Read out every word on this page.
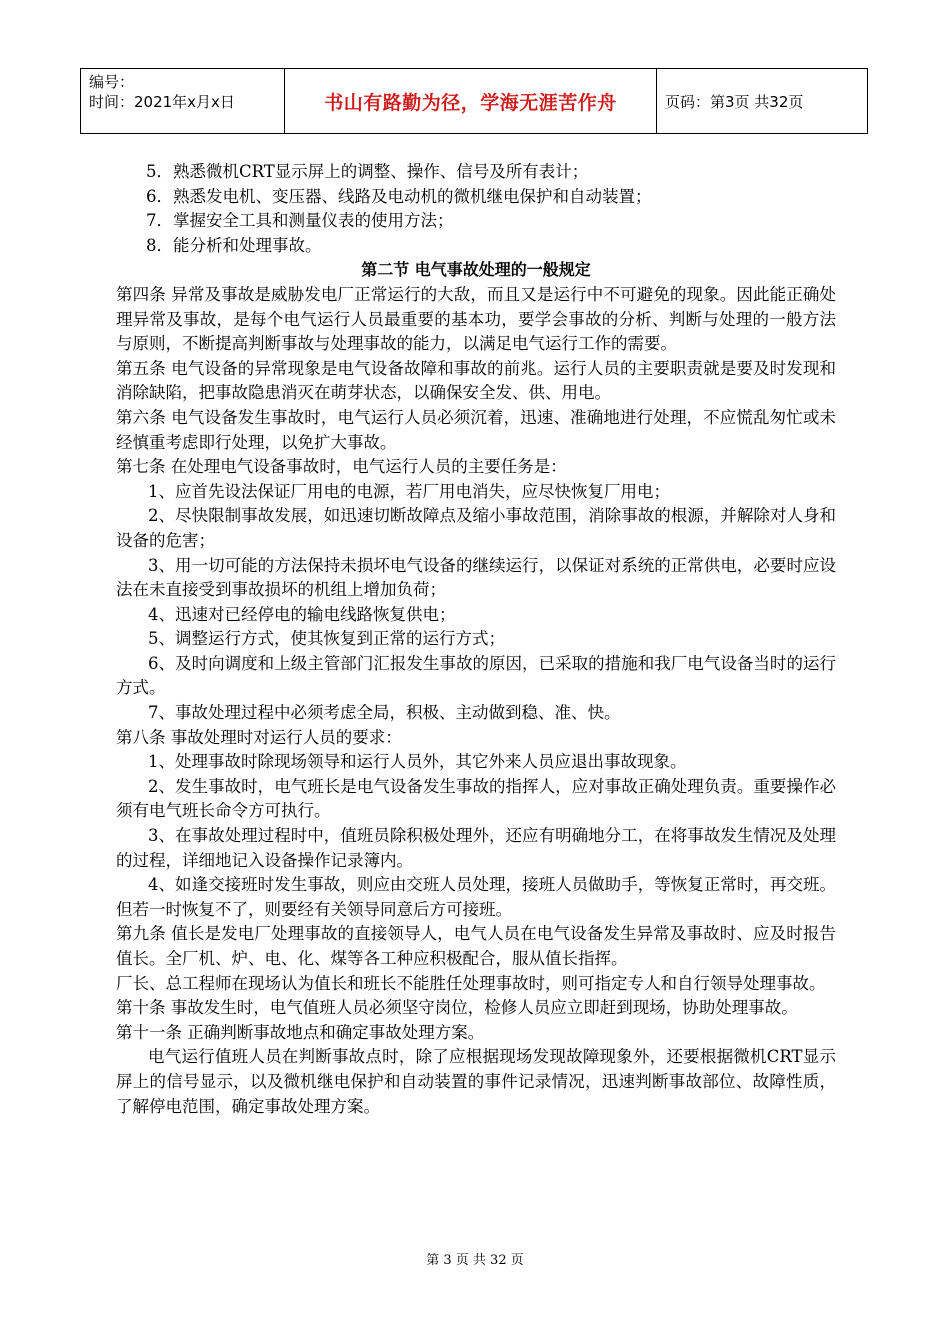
编号：
时间：2021年x月x日	书山有路勤为径，学海无涯苦作舟	页码：第3页 共32页

5．熟悉微机CRT显示屏上的调整、操作、信号及所有表计；

6．熟悉发电机、变压器、线路及电动机的微机继电保护和自动装置；

7．掌握安全工具和测量仪表的使用方法；

8．能分析和处理事故。

第二节 电气事故处理的一般规定

第四条 异常及事故是威胁发电厂正常运行的大敌，而且又是运行中不可避免的现象。因此能正确处理异常及事故，是每个电气运行人员最重要的基本功，要学会事故的分析、判断与处理的一般方法与原则，不断提高判断事故与处理事故的能力，以满足电气运行工作的需要。

第五条 电气设备的异常现象是电气设备故障和事故的前兆。运行人员的主要职责就是要及时发现和消除缺陷，把事故隐患消灭在萌芽状态，以确保安全发、供、用电。

第六条 电气设备发生事故时，电气运行人员必须沉着，迅速、准确地进行处理，不应慌乱匆忙或未经慎重考虑即行处理，以免扩大事故。

第七条 在处理电气设备事故时，电气运行人员的主要任务是：

1、应首先设法保证厂用电的电源，若厂用电消失，应尽快恢复厂用电；

2、尽快限制事故发展，如迅速切断故障点及缩小事故范围，消除事故的根源，并解除对人身和设备的危害；

3、用一切可能的方法保持未损坏电气设备的继续运行，以保证对系统的正常供电，必要时应设法在未直接受到事故损坏的机组上增加负荷；

4、迅速对已经停电的输电线路恢复供电；

5、调整运行方式，使其恢复到正常的运行方式；

6、及时向调度和上级主管部门汇报发生事故的原因，已采取的措施和我厂电气设备当时的运行方式。

7、事故处理过程中必须考虑全局，积极、主动做到稳、准、快。

第八条 事故处理时对运行人员的要求：

1、处理事故时除现场领导和运行人员外，其它外来人员应退出事故现象。

2、发生事故时，电气班长是电气设备发生事故的指挥人，应对事故正确处理负责。重要操作必须有电气班长命令方可执行。

3、在事故处理过程时中，值班员除积极处理外，还应有明确地分工，在将事故发生情况及处理的过程，详细地记入设备操作记录簿内。

4、如逢交接班时发生事故，则应由交班人员处理，接班人员做助手，等恢复正常时，再交班。但若一时恢复不了，则要经有关领导同意后方可接班。

第九条 值长是发电厂处理事故的直接领导人，电气人员在电气设备发生异常及事故时、应及时报告值长。全厂机、炉、电、化、煤等各工种应积极配合，服从值长指挥。

厂长、总工程师在现场认为值长和班长不能胜任处理事故时，则可指定专人和自行领导处理事故。

第十条 事故发生时，电气值班人员必须坚守岗位，检修人员应立即赶到现场，协助处理事故。

第十一条 正确判断事故地点和确定事故处理方案。

电气运行值班人员在判断事故点时，除了应根据现场发现故障现象外，还要根据微机CRT显示屏上的信号显示，以及微机继电保护和自动装置的事件记录情况，迅速判断事故部位、故障性质，了解停电范围，确定事故处理方案。

第 3 页 共 32 页
